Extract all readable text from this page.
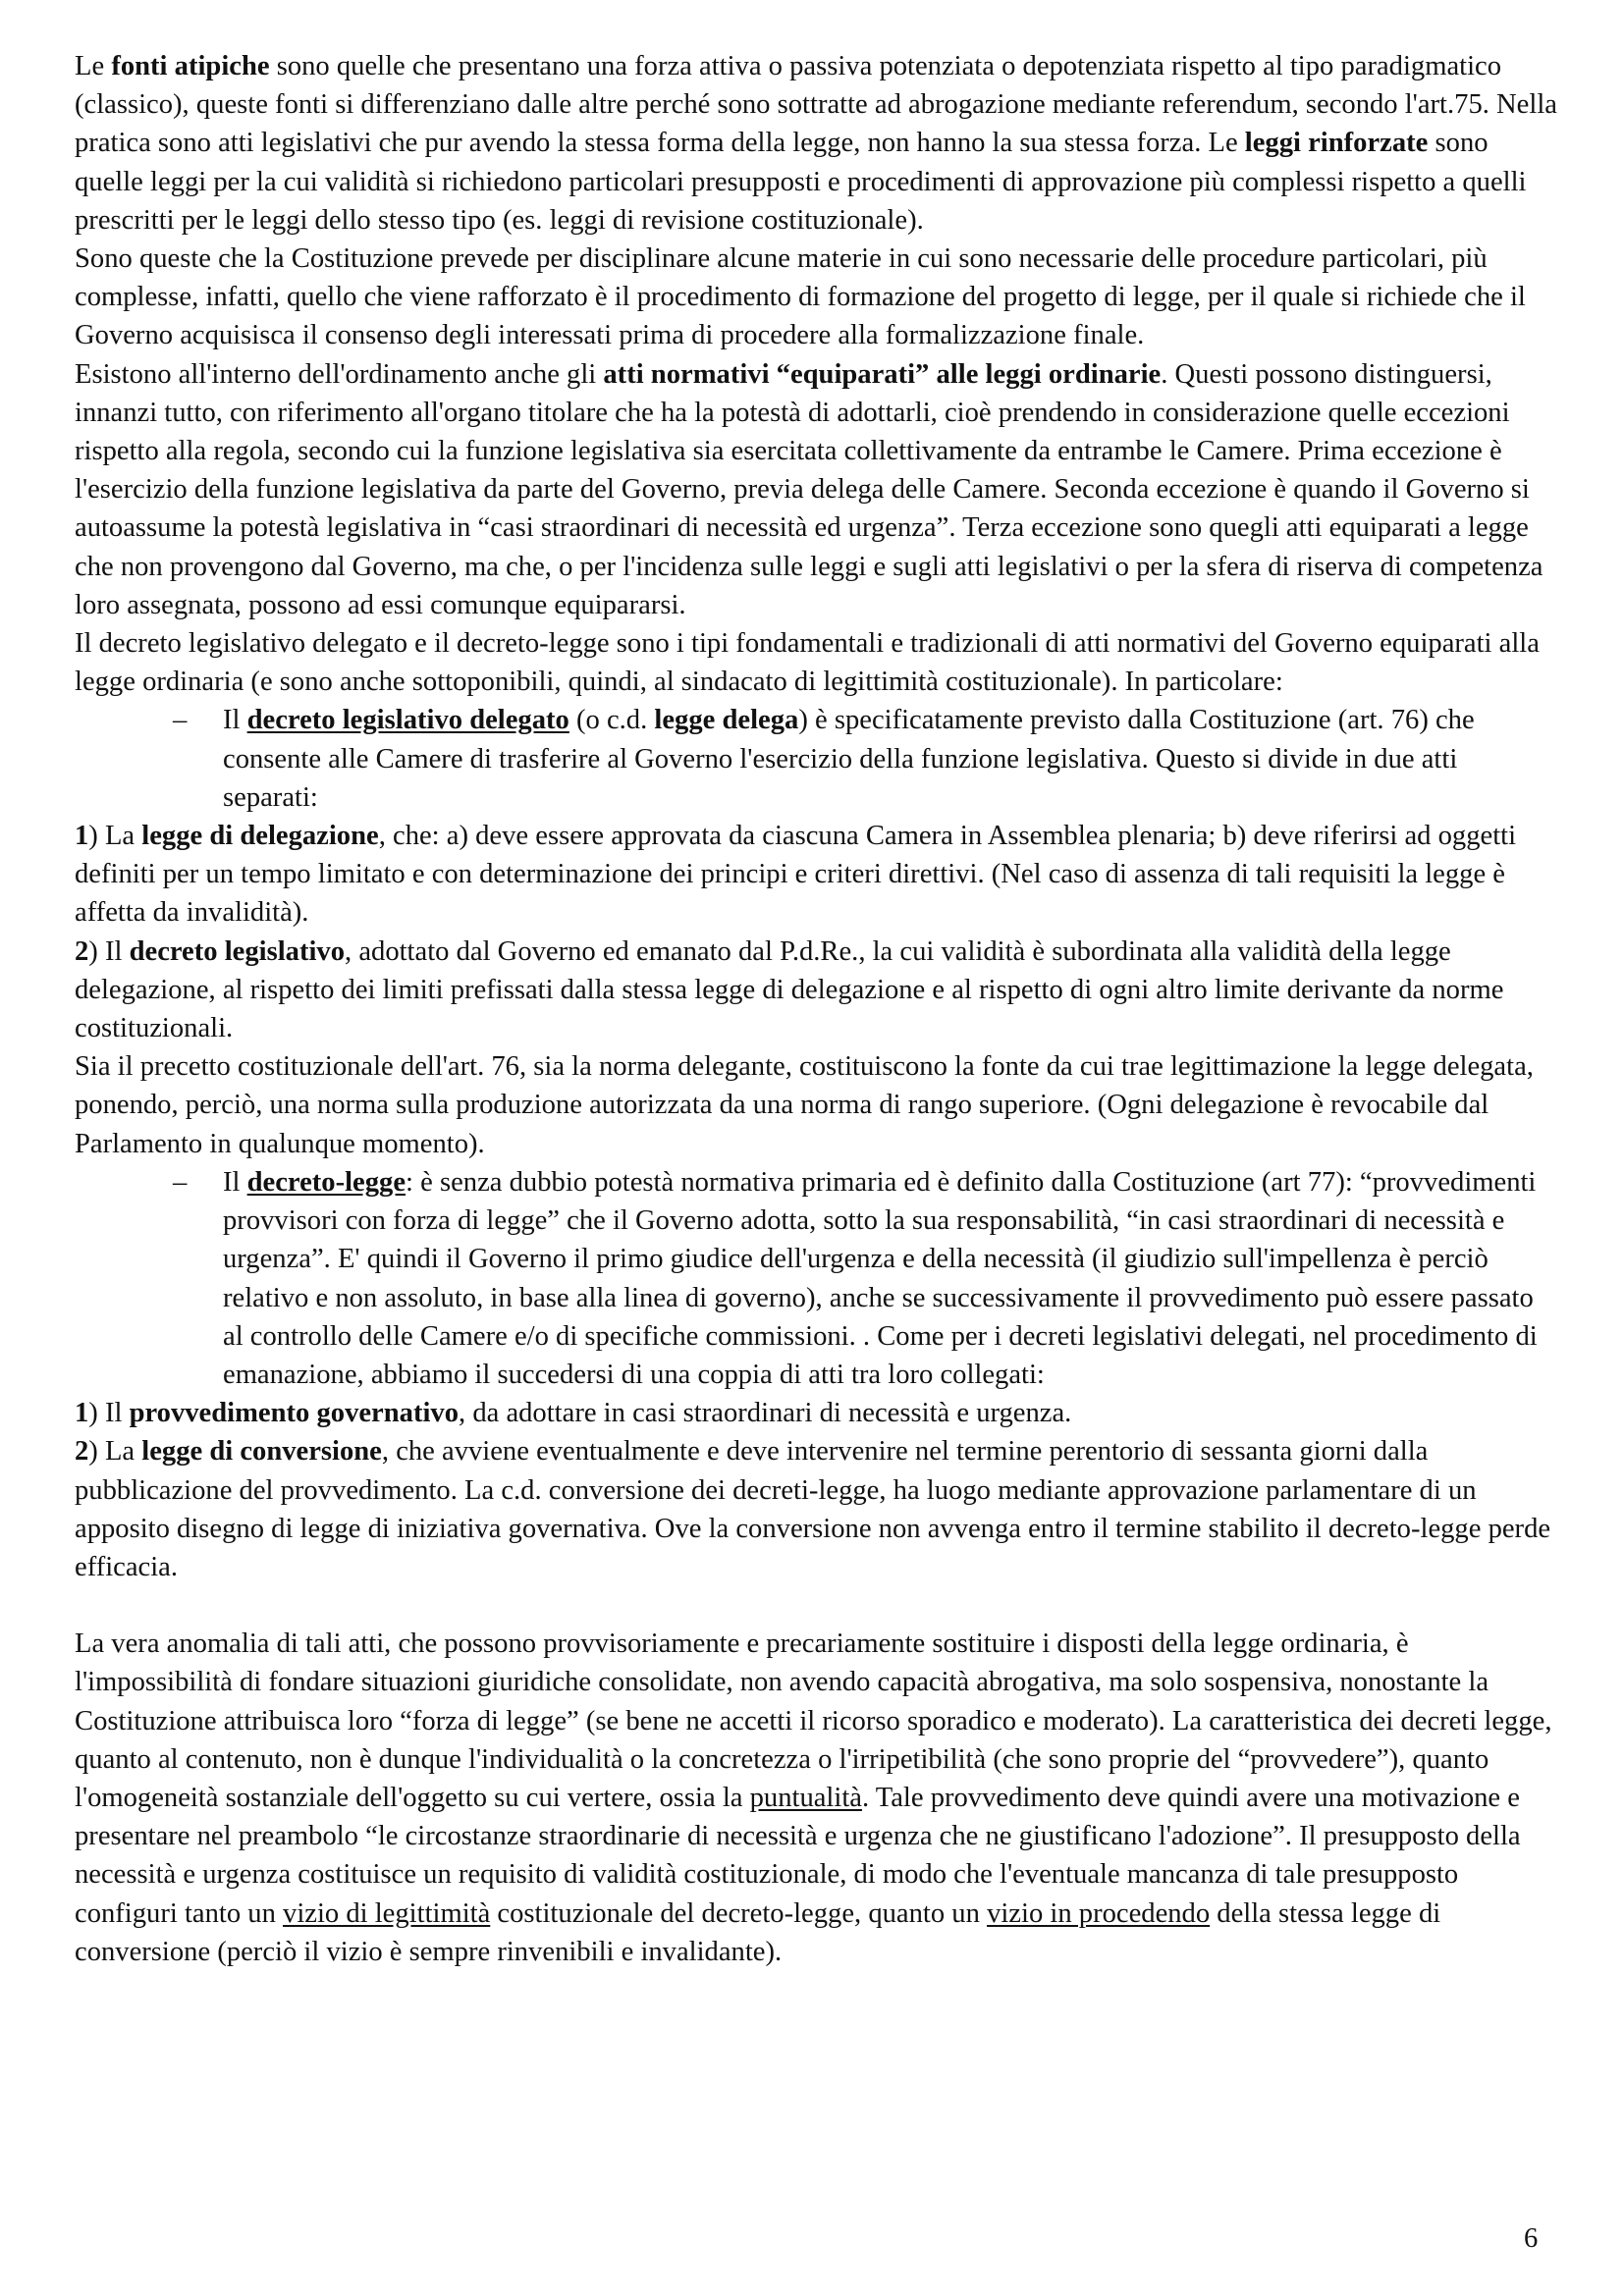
Le fonti atipiche sono quelle che presentano una forza attiva o passiva potenziata o depotenziata rispetto al tipo paradigmatico (classico), queste fonti si differenziano dalle altre perché sono sottratte ad abrogazione mediante referendum, secondo l'art.75. Nella pratica sono atti legislativi che pur avendo la stessa forma della legge, non hanno la sua stessa forza. Le leggi rinforzate sono quelle leggi per la cui validità si richiedono particolari presupposti e procedimenti di approvazione più complessi rispetto a quelli prescritti per le leggi dello stesso tipo (es. leggi di revisione costituzionale).

Sono queste che la Costituzione prevede per disciplinare alcune materie in cui sono necessarie delle procedure particolari, più complesse, infatti, quello che viene rafforzato è il procedimento di formazione del progetto di legge, per il quale si richiede che il Governo acquisisca il consenso degli interessati prima di procedere alla formalizzazione finale.

Esistono all'interno dell'ordinamento anche gli atti normativi “equiparati” alle leggi ordinarie. Questi possono distinguersi, innanzi tutto, con riferimento all'organo titolare che ha la potestà di adottarli, cioè prendendo in considerazione quelle eccezioni rispetto alla regola, secondo cui la funzione legislativa sia esercitata collettivamente da entrambe le Camere. Prima eccezione è l'esercizio della funzione legislativa da parte del Governo, previa delega delle Camere. Seconda eccezione è quando il Governo si autoassume la potestà legislativa in “casi straordinari di necessità ed urgenza”. Terza eccezione sono quegli atti equiparati a legge che non provengono dal Governo, ma che, o per l'incidenza sulle leggi e sugli atti legislativi o per la sfera di riserva di competenza loro assegnata, possono ad essi comunque equipararsi.

Il decreto legislativo delegato e il decreto-legge sono i tipi fondamentali e tradizionali di atti normativi del Governo equiparati alla legge ordinaria (e sono anche sottoponibili, quindi, al sindacato di legittimità costituzionale). In particolare:

– Il decreto legislativo delegato (o c.d. legge delega) è specificatamente previsto dalla Costituzione (art. 76) che consente alle Camere di trasferire al Governo l'esercizio della funzione legislativa. Questo si divide in due atti separati:

1) La legge di delegazione, che: a) deve essere approvata da ciascuna Camera in Assemblea plenaria; b) deve riferirsi ad oggetti definiti per un tempo limitato e con determinazione dei principi e criteri direttivi. (Nel caso di assenza di tali requisiti la legge è affetta da invalidità).

2) Il decreto legislativo, adottato dal Governo ed emanato dal P.d.Re., la cui validità è subordinata alla validità della legge delegazione, al rispetto dei limiti prefissati dalla stessa legge di delegazione e al rispetto di ogni altro limite derivante da norme costituzionali.

Sia il precetto costituzionale dell'art. 76, sia la norma delegante, costituiscono la fonte da cui trae legittimazione la legge delegata, ponendo, perciò, una norma sulla produzione autorizzata da una norma di rango superiore. (Ogni delegazione è revocabile dal Parlamento in qualunque momento).

– Il decreto-legge: è senza dubbio potestà normativa primaria ed è definito dalla Costituzione (art 77): “provvedimenti provvisori con forza di legge” che il Governo adotta, sotto la sua responsabilità, “in casi straordinari di necessità e urgenza”. E' quindi il Governo il primo giudice dell'urgenza e della necessità (il giudizio sull'impellenza è perciò relativo e non assoluto, in base alla linea di governo), anche se successivamente il provvedimento può essere passato al controllo delle Camere e/o di specifiche commissioni. . Come per i decreti legislativi delegati, nel procedimento di emanazione, abbiamo il succedersi di una coppia di atti tra loro collegati:

1) Il provvedimento governativo, da adottare in casi straordinari di necessità e urgenza.

2) La legge di conversione, che avviene eventualmente e deve intervenire nel termine perentorio di sessanta giorni dalla pubblicazione del provvedimento. La c.d. conversione dei decreti-legge, ha luogo mediante approvazione parlamentare di un apposito disegno di legge di iniziativa governativa. Ove la conversione non avvenga entro il termine stabilito il decreto-legge perde efficacia.

La vera anomalia di tali atti, che possono provvisoriamente e precariamente sostituire i disposti della legge ordinaria, è l'impossibilità di fondare situazioni giuridiche consolidate, non avendo capacità abrogativa, ma solo sospensiva, nonostante la Costituzione attribuisca loro “forza di legge” (se bene ne accetti il ricorso sporadico e moderato). La caratteristica dei decreti legge, quanto al contenuto, non è dunque l'individualità o la concretezza o l'irripetibilità (che sono proprie del “provvedere”), quanto l'omogeneità sostanziale dell'oggetto su cui vertere, ossia la puntualità. Tale provvedimento deve quindi avere una motivazione e presentare nel preambolo “le circostanze straordinarie di necessità e urgenza che ne giustificano l'adozione”. Il presupposto della necessità e urgenza costituisce un requisito di validità costituzionale, di modo che l'eventuale mancanza di tale presupposto configuri tanto un vizio di legittimità costituzionale del decreto-legge, quanto un vizio in procedendo della stessa legge di conversione (perciò il vizio è sempre rinvenibili e invalidante).

6
